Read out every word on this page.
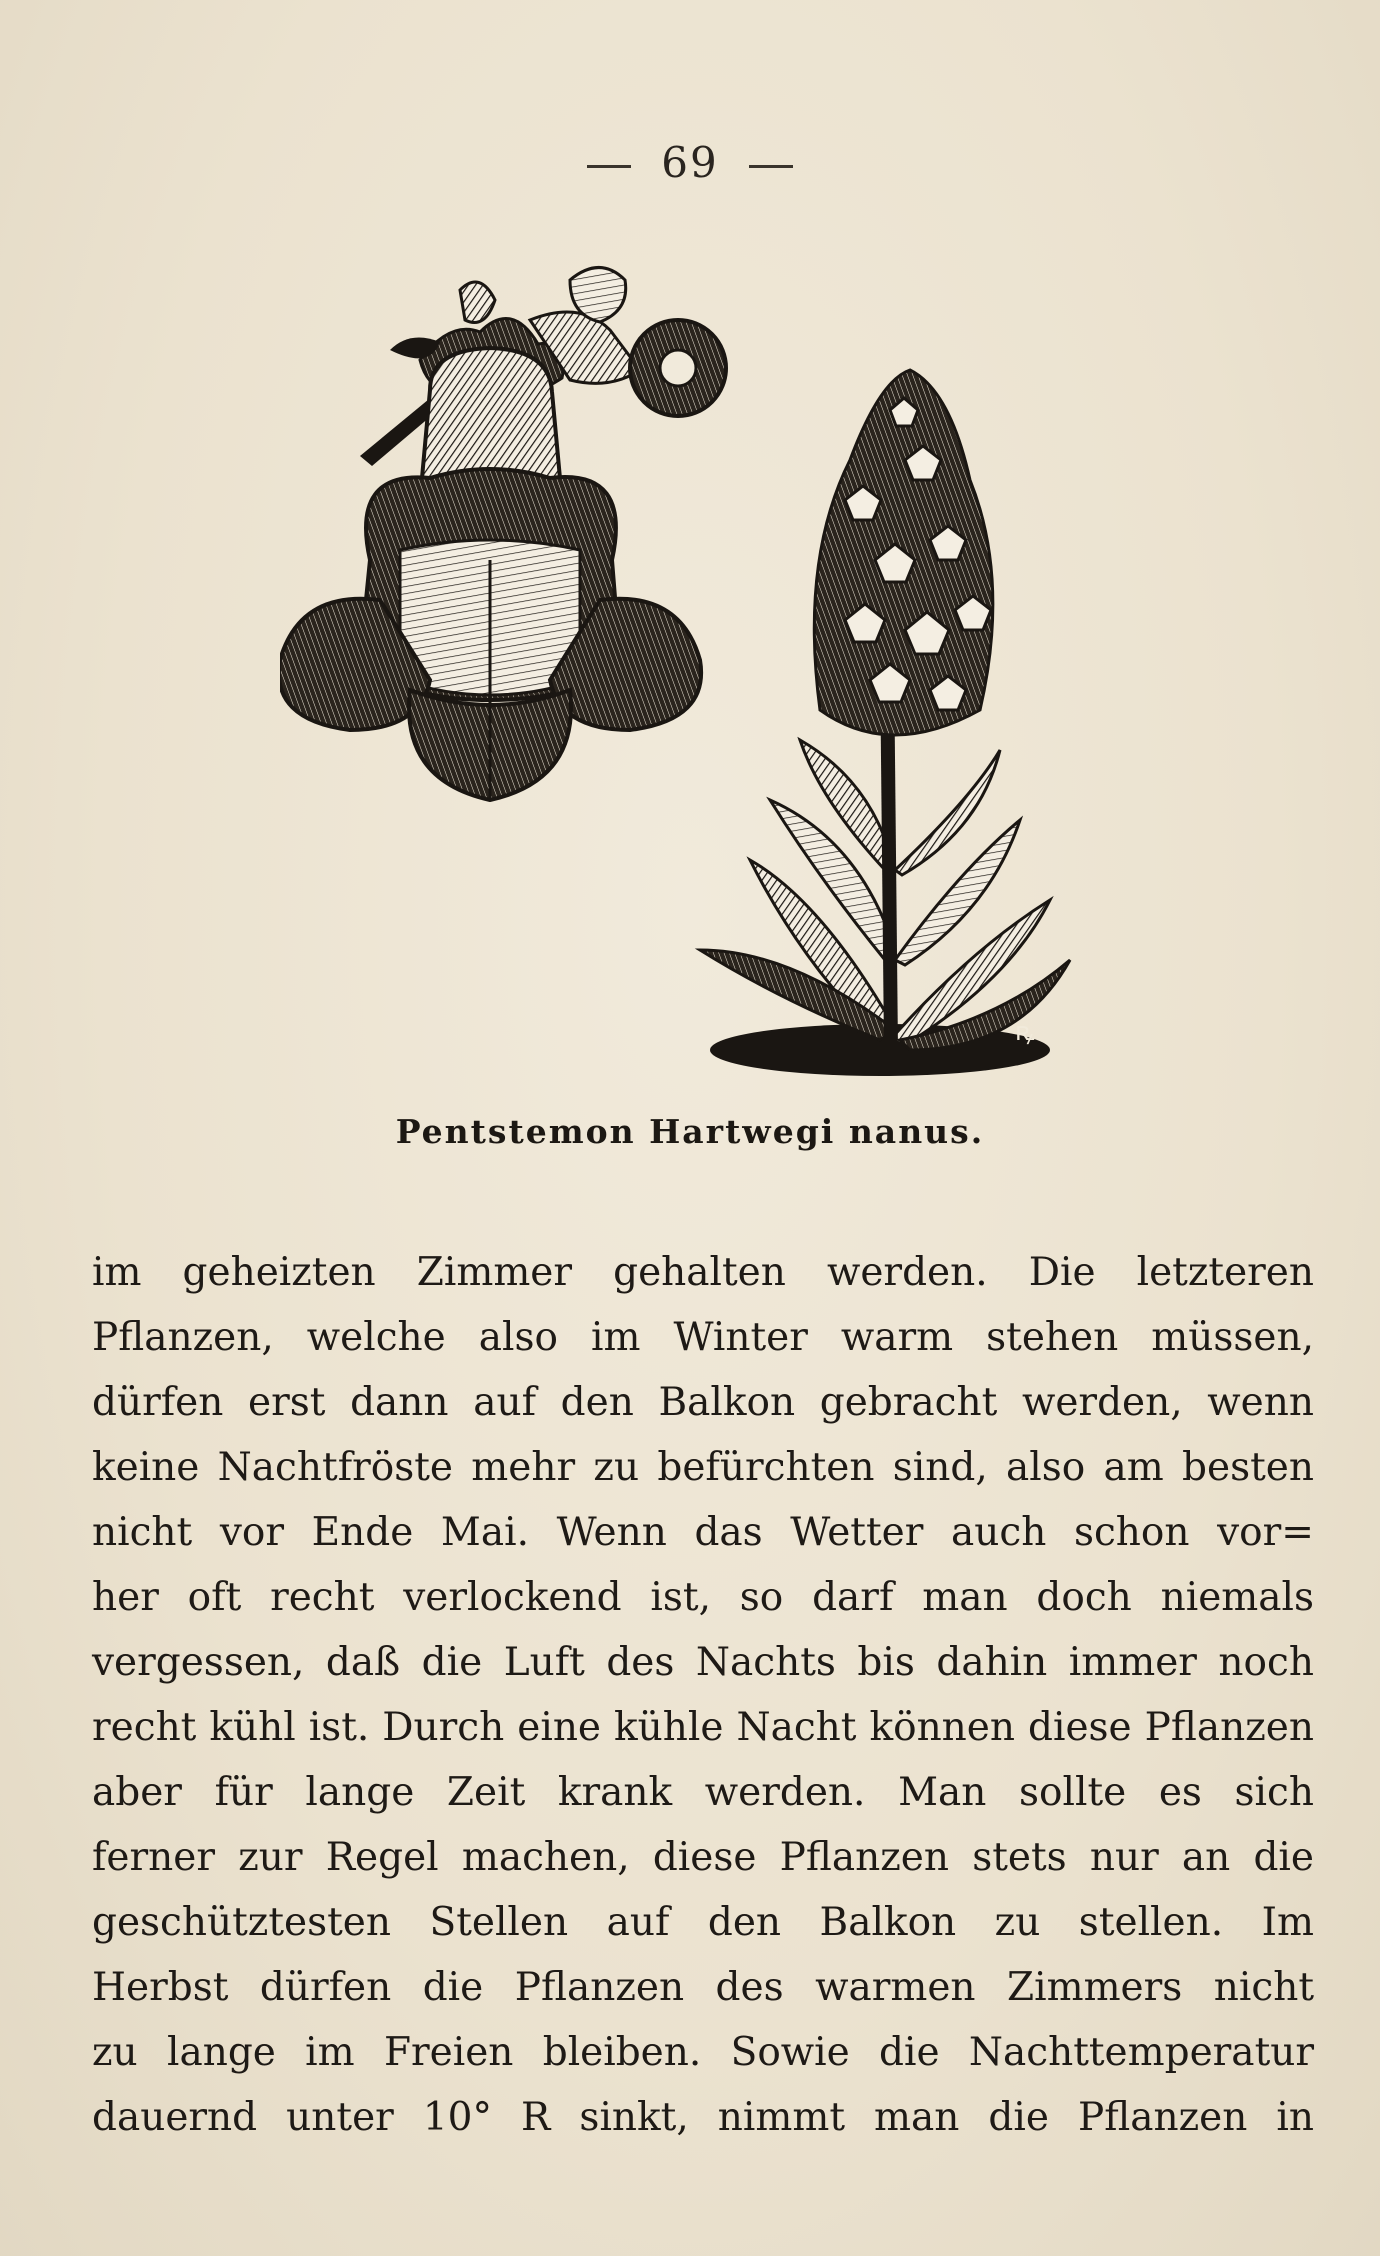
69
ꝶ
Pentstemon Hartwegi nanus.
im geheizten Zimmer gehalten werden. Die letzteren
Pflanzen, welche also im Winter warm stehen müssen,
dürfen erst dann auf den Balkon gebracht werden, wenn
keine Nachtfröste mehr zu befürchten sind, also am besten
nicht vor Ende Mai. Wenn das Wetter auch schon vor=
her oft recht verlockend ist, so darf man doch niemals
vergessen, daß die Luft des Nachts bis dahin immer noch
recht kühl ist. Durch eine kühle Nacht können diese Pflanzen
aber für lange Zeit krank werden. Man sollte es sich
ferner zur Regel machen, diese Pflanzen stets nur an die
geschütztesten Stellen auf den Balkon zu stellen. Im
Herbst dürfen die Pflanzen des warmen Zimmers nicht
zu lange im Freien bleiben. Sowie die Nachttemperatur
dauernd unter 10° R sinkt, nimmt man die Pflanzen in
